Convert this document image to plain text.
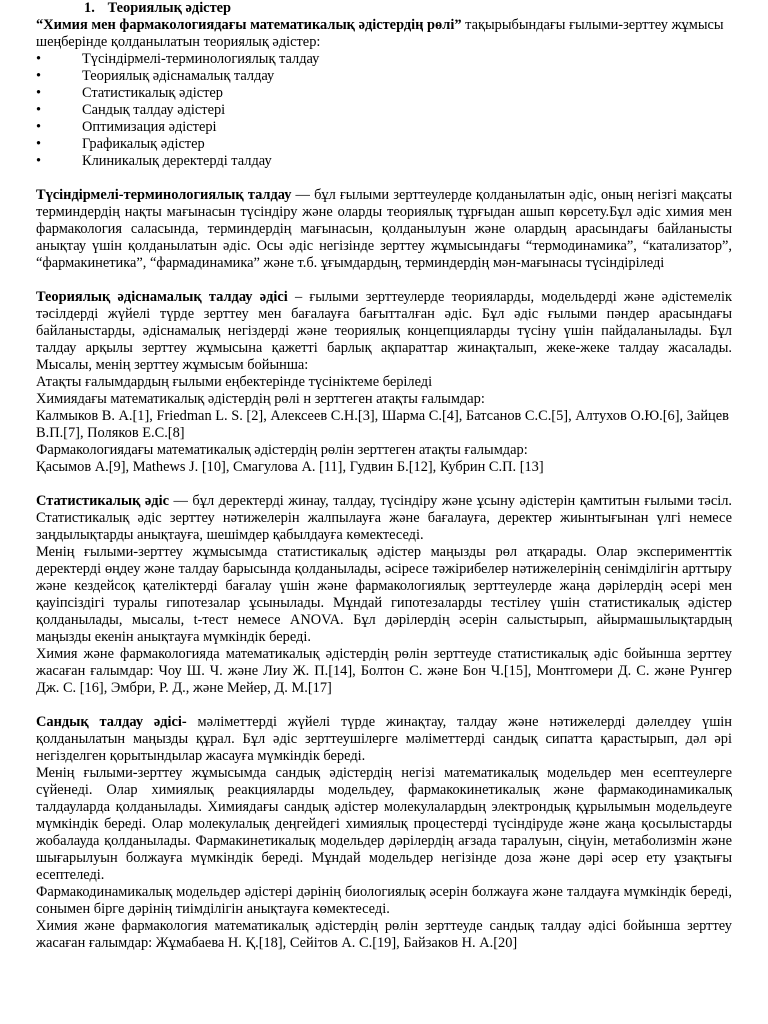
1. Теориялық әдістер

“Химия мен фармакологиядағы математикалық әдістердің рөлі” тақырыбындағы ғылыми-зерттеу жұмысы шеңберінде қолданылатын теориялық әдістер:

•	Түсіндірмелі-терминологиялық талдау
•	Теориялық әдіснамалық талдау
•	Статистикалық әдістер
•	Сандық талдау әдістері
•	Оптимизация әдістері
•	Графикалық әдістер
•	Клиникалық деректерді талдау

Түсіндірмелі-терминологиялық талдау — бұл ғылыми зерттеулерде қолданылатын әдіс, оның негізгі мақсаты терминдердің нақты мағынасын түсіндіру және оларды теориялық тұрғыдан ашып көрсету.Бұл әдіс химия мен фармакология саласында, терминдердің мағынасын, қолданылуын және олардың арасындағы байланысты анықтау үшін қолданылатын әдіс. Осы әдіс негізінде зерттеу жұмысындағы “термодинамика”, “катализатор”, “фармакинетика”, “фармадинамика” және т.б. ұғымдардың, терминдердің мән-мағынасы түсіндіріледі

Теориялық әдіснамалық талдау әдісі – ғылыми зерттеулерде теорияларды, модельдерді және әдістемелік тәсілдерді жүйелі түрде зерттеу мен бағалауға бағытталған әдіс. Бұл әдіс ғылыми пәндер арасындағы байланыстарды, әдіснамалық негіздерді және теориялық концепцияларды түсіну үшін пайдаланылады. Бұл талдау арқылы зерттеу жұмысына қажетті барлық ақпараттар жинақталып, жеке-жеке талдау жасалады. Мысалы, менің зерттеу жұмысым бойынша:

Атақты ғалымдардың ғылыми еңбектерінде түсініктеме беріледі

Химиядағы математикалық әдістердің рөлі н зерттеген атақты ғалымдар:

Калмыков В. А.[1], Friedman L. S. [2], Алексеев С.Н.[3], Шарма С.[4], Батсанов С.С.[5], Алтухов О.Ю.[6], Зайцев В.П.[7], Поляков Е.С.[8]

Фармакологиядағы математикалық әдістердің рөлін зерттеген атақты ғалымдар:

Қасымов А.[9], Mathews J. [10], Смагулова А. [11], Гудвин Б.[12], Кубрин С.П. [13]

Статистикалық әдіс — бұл деректерді жинау, талдау, түсіндіру және ұсыну әдістерін қамтитын ғылыми тәсіл. Статистикалық әдіс зерттеу нәтижелерін жалпылауға және бағалауға, деректер жиынтығынан үлгі немесе заңдылықтарды анықтауға, шешімдер қабылдауға көмектеседі.

Менің ғылыми-зерттеу жұмысымда статистикалық әдістер маңызды рөл атқарады. Олар эксперименттік деректерді өңдеу және талдау барысында қолданылады, әсіресе тәжірибелер нәтижелерінің сенімділігін арттыру және кездейсоқ қателіктерді бағалау үшін және фармакологиялық зерттеулерде жаңа дәрілердің әсері мен қауіпсіздігі туралы гипотезалар ұсынылады. Мұндай гипотезаларды тестілеу үшін статистикалық әдістер қолданылады, мысалы, t-тест немесе ANOVA. Бұл дәрілердің әсерін салыстырып, айырмашылықтардың маңызды екенін анықтауға мүмкіндік береді.

Химия және фармакологияда математикалық әдістердің рөлін зерттеуде статистикалық әдіс бойынша зерттеу жасаған ғалымдар: Чоу Ш. Ч. және Лиу Ж. П.[14], Болтон С. және Бон Ч.[15], Монтгомери Д. С. және Рунгер Дж. С. [16], Эмбри, Р. Д., және Мейер, Д. М.[17]

Сандық талдау әдісі- мәліметтерді жүйелі түрде жинақтау, талдау және нәтижелерді дәлелдеу үшін қолданылатын маңызды құрал. Бұл әдіс зерттеушілерге мәліметтерді сандық сипатта қарастырып, дәл әрі негізделген қорытындылар жасауға мүмкіндік береді.

Менің ғылыми-зерттеу жұмысымда сандық әдістердің негізі математикалық модельдер мен есептеулерге сүйенеді. Олар химиялық реакцияларды модельдеу, фармакокинетикалық және фармакодинамикалық талдауларда қолданылады. Химиядағы сандық әдістер молекулалардың электрондық құрылымын модельдеуге мүмкіндік береді. Олар молекулалық деңгейдегі химиялық процестерді түсіндіруде және жаңа қосылыстарды жобалауда қолданылады. Фармакинетикалық модельдер дәрілердің ағзада таралуын, сіңуін, метаболизмін және шығарылуын болжауға мүмкіндік береді. Мұндай модельдер негізінде доза және дәрі әсер ету ұзақтығы есептеледі.

Фармакодинамикалық модельдер әдістері дәрінің биологиялық әсерін болжауға және талдауға мүмкіндік береді, сонымен бірге дәрінің тиімділігін анықтауға көмектеседі.

Химия және фармакология математикалық әдістердің рөлін зерттеуде сандық талдау әдісі бойынша зерттеу жасаған ғалымдар: Жұмабаева Н. Қ.[18], Сейітов А. С.[19], Байзаков Н. А.[20]
